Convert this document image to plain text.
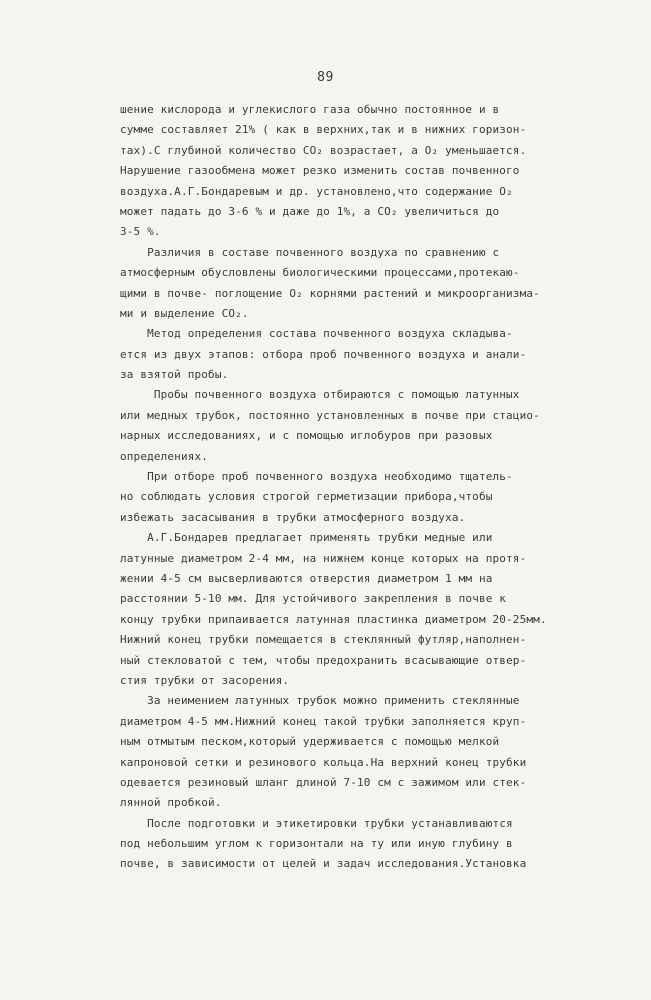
89
шение кислорода и углекислого газа обычно постоянное и в
сумме составляет 21% ( как в верхних,так и в нижних горизон-
тах).С глубиной количество CO₂ возрастает, а O₂ уменьшается.
Нарушение газообмена может резко изменить состав почвенного
воздуха.А.Г.Бондаревым и др. установлено,что содержание O₂
может падать до 3-6 % и даже до 1%, а CO₂ увеличиться до
3-5 %.
Различия в составе почвенного воздуха по сравнению с
атмосферным обусловлены биологическими процессами,протекаю-
щими в почве- поглощение O₂ корнями растений и микроорганизма-
ми и выделение CO₂.
Метод определения состава почвенного воздуха складыва-
ется из двух этапов: отбора проб почвенного воздуха и анали-
за взятой пробы.
Пробы почвенного воздуха отбираются с помощью латунных
или медных трубок, постоянно установленных в почве при стацио-
нарных исследованиях, и с помощью иглобуров при разовых
определениях.
При отборе проб почвенного воздуха необходимо тщатель-
но соблюдать условия строгой герметизации прибора,чтобы
избежать засасывания в трубки атмосферного воздуха.
А.Г.Бондарев предлагает применять трубки медные или
латунные диаметром 2-4 мм, на нижнем конце которых на протя-
жении 4-5 см высверливаются отверстия диаметром 1 мм на
расстоянии 5-10 мм. Для устойчивого закрепления в почве к
концу трубки припаивается латунная пластинка диаметром 20-25мм.
Нижний конец трубки помещается в стеклянный футляр,наполнен-
ный стекловатой с тем, чтобы предохранить всасывающие отвер-
стия трубки от засорения.
За неимением латунных трубок можно применить стеклянные
диаметром 4-5 мм.Нижний конец такой трубки заполняется круп-
ным отмытым песком,который удерживается с помощью мелкой
капроновой сетки и резинового кольца.На верхний конец трубки
одевается резиновый шланг длиной 7-10 см с зажимом или стек-
лянной пробкой.
После подготовки и этикетировки трубки устанавливаются
под небольшим углом к горизонтали на ту или иную глубину в
почве, в зависимости от целей и задач исследования.Установка
